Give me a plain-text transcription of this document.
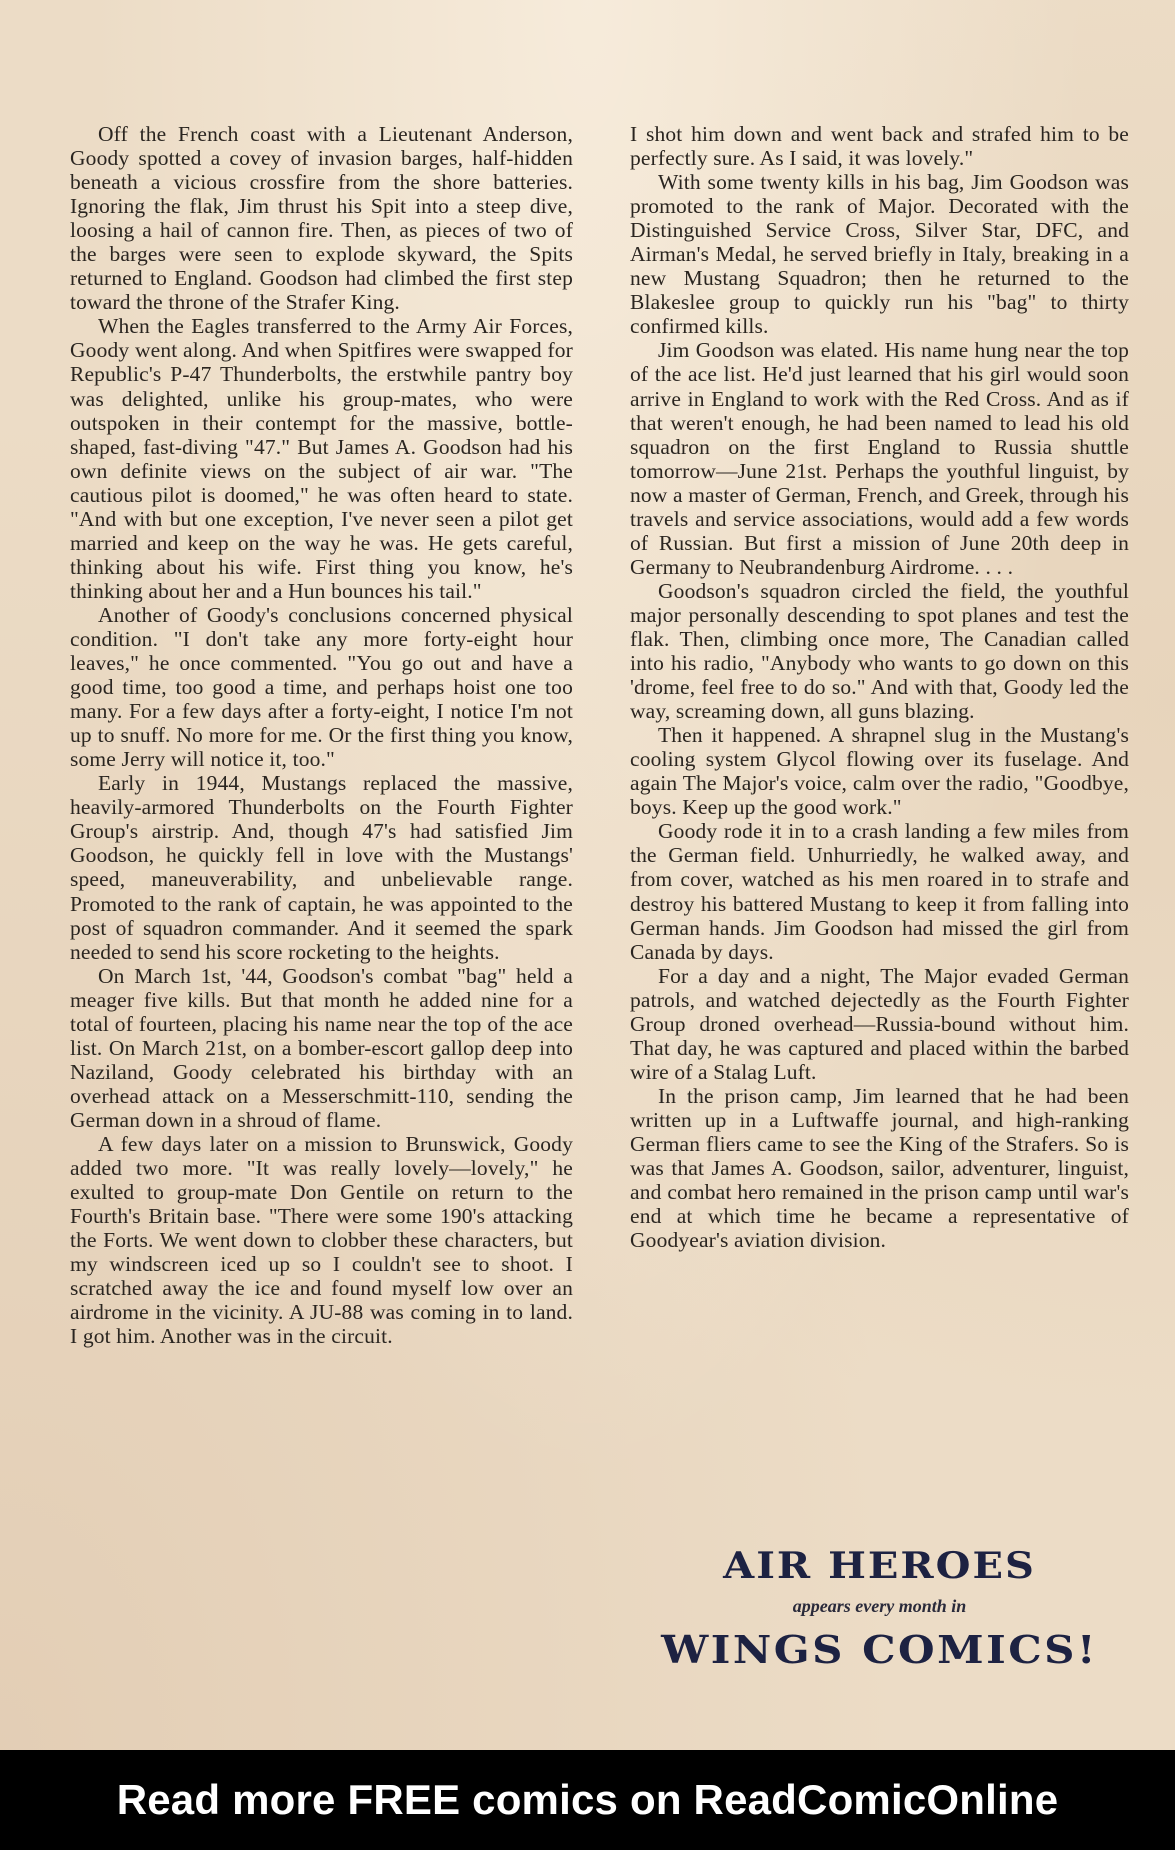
Off the French coast with a Lieutenant Anderson, Goody spotted a covey of invasion barges, half-hidden beneath a vicious crossfire from the shore batteries. Ignoring the flak, Jim thrust his Spit into a steep dive, loosing a hail of cannon fire. Then, as pieces of two of the barges were seen to explode skyward, the Spits returned to England. Goodson had climbed the first step toward the throne of the Strafer King.

When the Eagles transferred to the Army Air Forces, Goody went along. And when Spitfires were swapped for Republic's P-47 Thunderbolts, the erstwhile pantry boy was delighted, unlike his group-mates, who were outspoken in their contempt for the massive, bottle-shaped, fast-diving "47." But James A. Goodson had his own definite views on the subject of air war. "The cautious pilot is doomed," he was often heard to state. "And with but one exception, I've never seen a pilot get married and keep on the way he was. He gets careful, thinking about his wife. First thing you know, he's thinking about her and a Hun bounces his tail."

Another of Goody's conclusions concerned physical condition. "I don't take any more forty-eight hour leaves," he once commented. "You go out and have a good time, too good a time, and perhaps hoist one too many. For a few days after a forty-eight, I notice I'm not up to snuff. No more for me. Or the first thing you know, some Jerry will notice it, too."

Early in 1944, Mustangs replaced the massive, heavily-armored Thunderbolts on the Fourth Fighter Group's airstrip. And, though 47's had satisfied Jim Goodson, he quickly fell in love with the Mustangs' speed, maneuverability, and unbelievable range. Promoted to the rank of captain, he was appointed to the post of squadron commander. And it seemed the spark needed to send his score rocketing to the heights.

On March 1st, '44, Goodson's combat "bag" held a meager five kills. But that month he added nine for a total of fourteen, placing his name near the top of the ace list. On March 21st, on a bomber-escort gallop deep into Naziland, Goody celebrated his birthday with an overhead attack on a Messerschmitt-110, sending the German down in a shroud of flame.

A few days later on a mission to Brunswick, Goody added two more. "It was really lovely—lovely," he exulted to group-mate Don Gentile on return to the Fourth's Britain base. "There were some 190's attacking the Forts. We went down to clobber these characters, but my windscreen iced up so I couldn't see to shoot. I scratched away the ice and found myself low over an airdrome in the vicinity. A JU-88 was coming in to land. I got him. Another was in the circuit.

I shot him down and went back and strafed him to be perfectly sure. As I said, it was lovely."

With some twenty kills in his bag, Jim Goodson was promoted to the rank of Major. Decorated with the Distinguished Service Cross, Silver Star, DFC, and Airman's Medal, he served briefly in Italy, breaking in a new Mustang Squadron; then he returned to the Blakeslee group to quickly run his "bag" to thirty confirmed kills.

Jim Goodson was elated. His name hung near the top of the ace list. He'd just learned that his girl would soon arrive in England to work with the Red Cross. And as if that weren't enough, he had been named to lead his old squadron on the first England to Russia shuttle tomorrow—June 21st. Perhaps the youthful linguist, by now a master of German, French, and Greek, through his travels and service associations, would add a few words of Russian. But first a mission of June 20th deep in Germany to Neubrandenburg Airdrome. . . .

Goodson's squadron circled the field, the youthful major personally descending to spot planes and test the flak. Then, climbing once more, The Canadian called into his radio, "Anybody who wants to go down on this 'drome, feel free to do so." And with that, Goody led the way, screaming down, all guns blazing.

Then it happened. A shrapnel slug in the Mustang's cooling system Glycol flowing over its fuselage. And again The Major's voice, calm over the radio, "Goodbye, boys. Keep up the good work."

Goody rode it in to a crash landing a few miles from the German field. Unhurriedly, he walked away, and from cover, watched as his men roared in to strafe and destroy his battered Mustang to keep it from falling into German hands. Jim Goodson had missed the girl from Canada by days.

For a day and a night, The Major evaded German patrols, and watched dejectedly as the Fourth Fighter Group droned overhead—Russia-bound without him. That day, he was captured and placed within the barbed wire of a Stalag Luft.

In the prison camp, Jim learned that he had been written up in a Luftwaffe journal, and high-ranking German fliers came to see the King of the Strafers. So is was that James A. Goodson, sailor, adventurer, linguist, and combat hero remained in the prison camp until war's end at which time he became a representative of Goodyear's aviation division.

AIR HEROES
appears every month in
WINGS COMICS!
Read more FREE comics on ReadComicOnline
